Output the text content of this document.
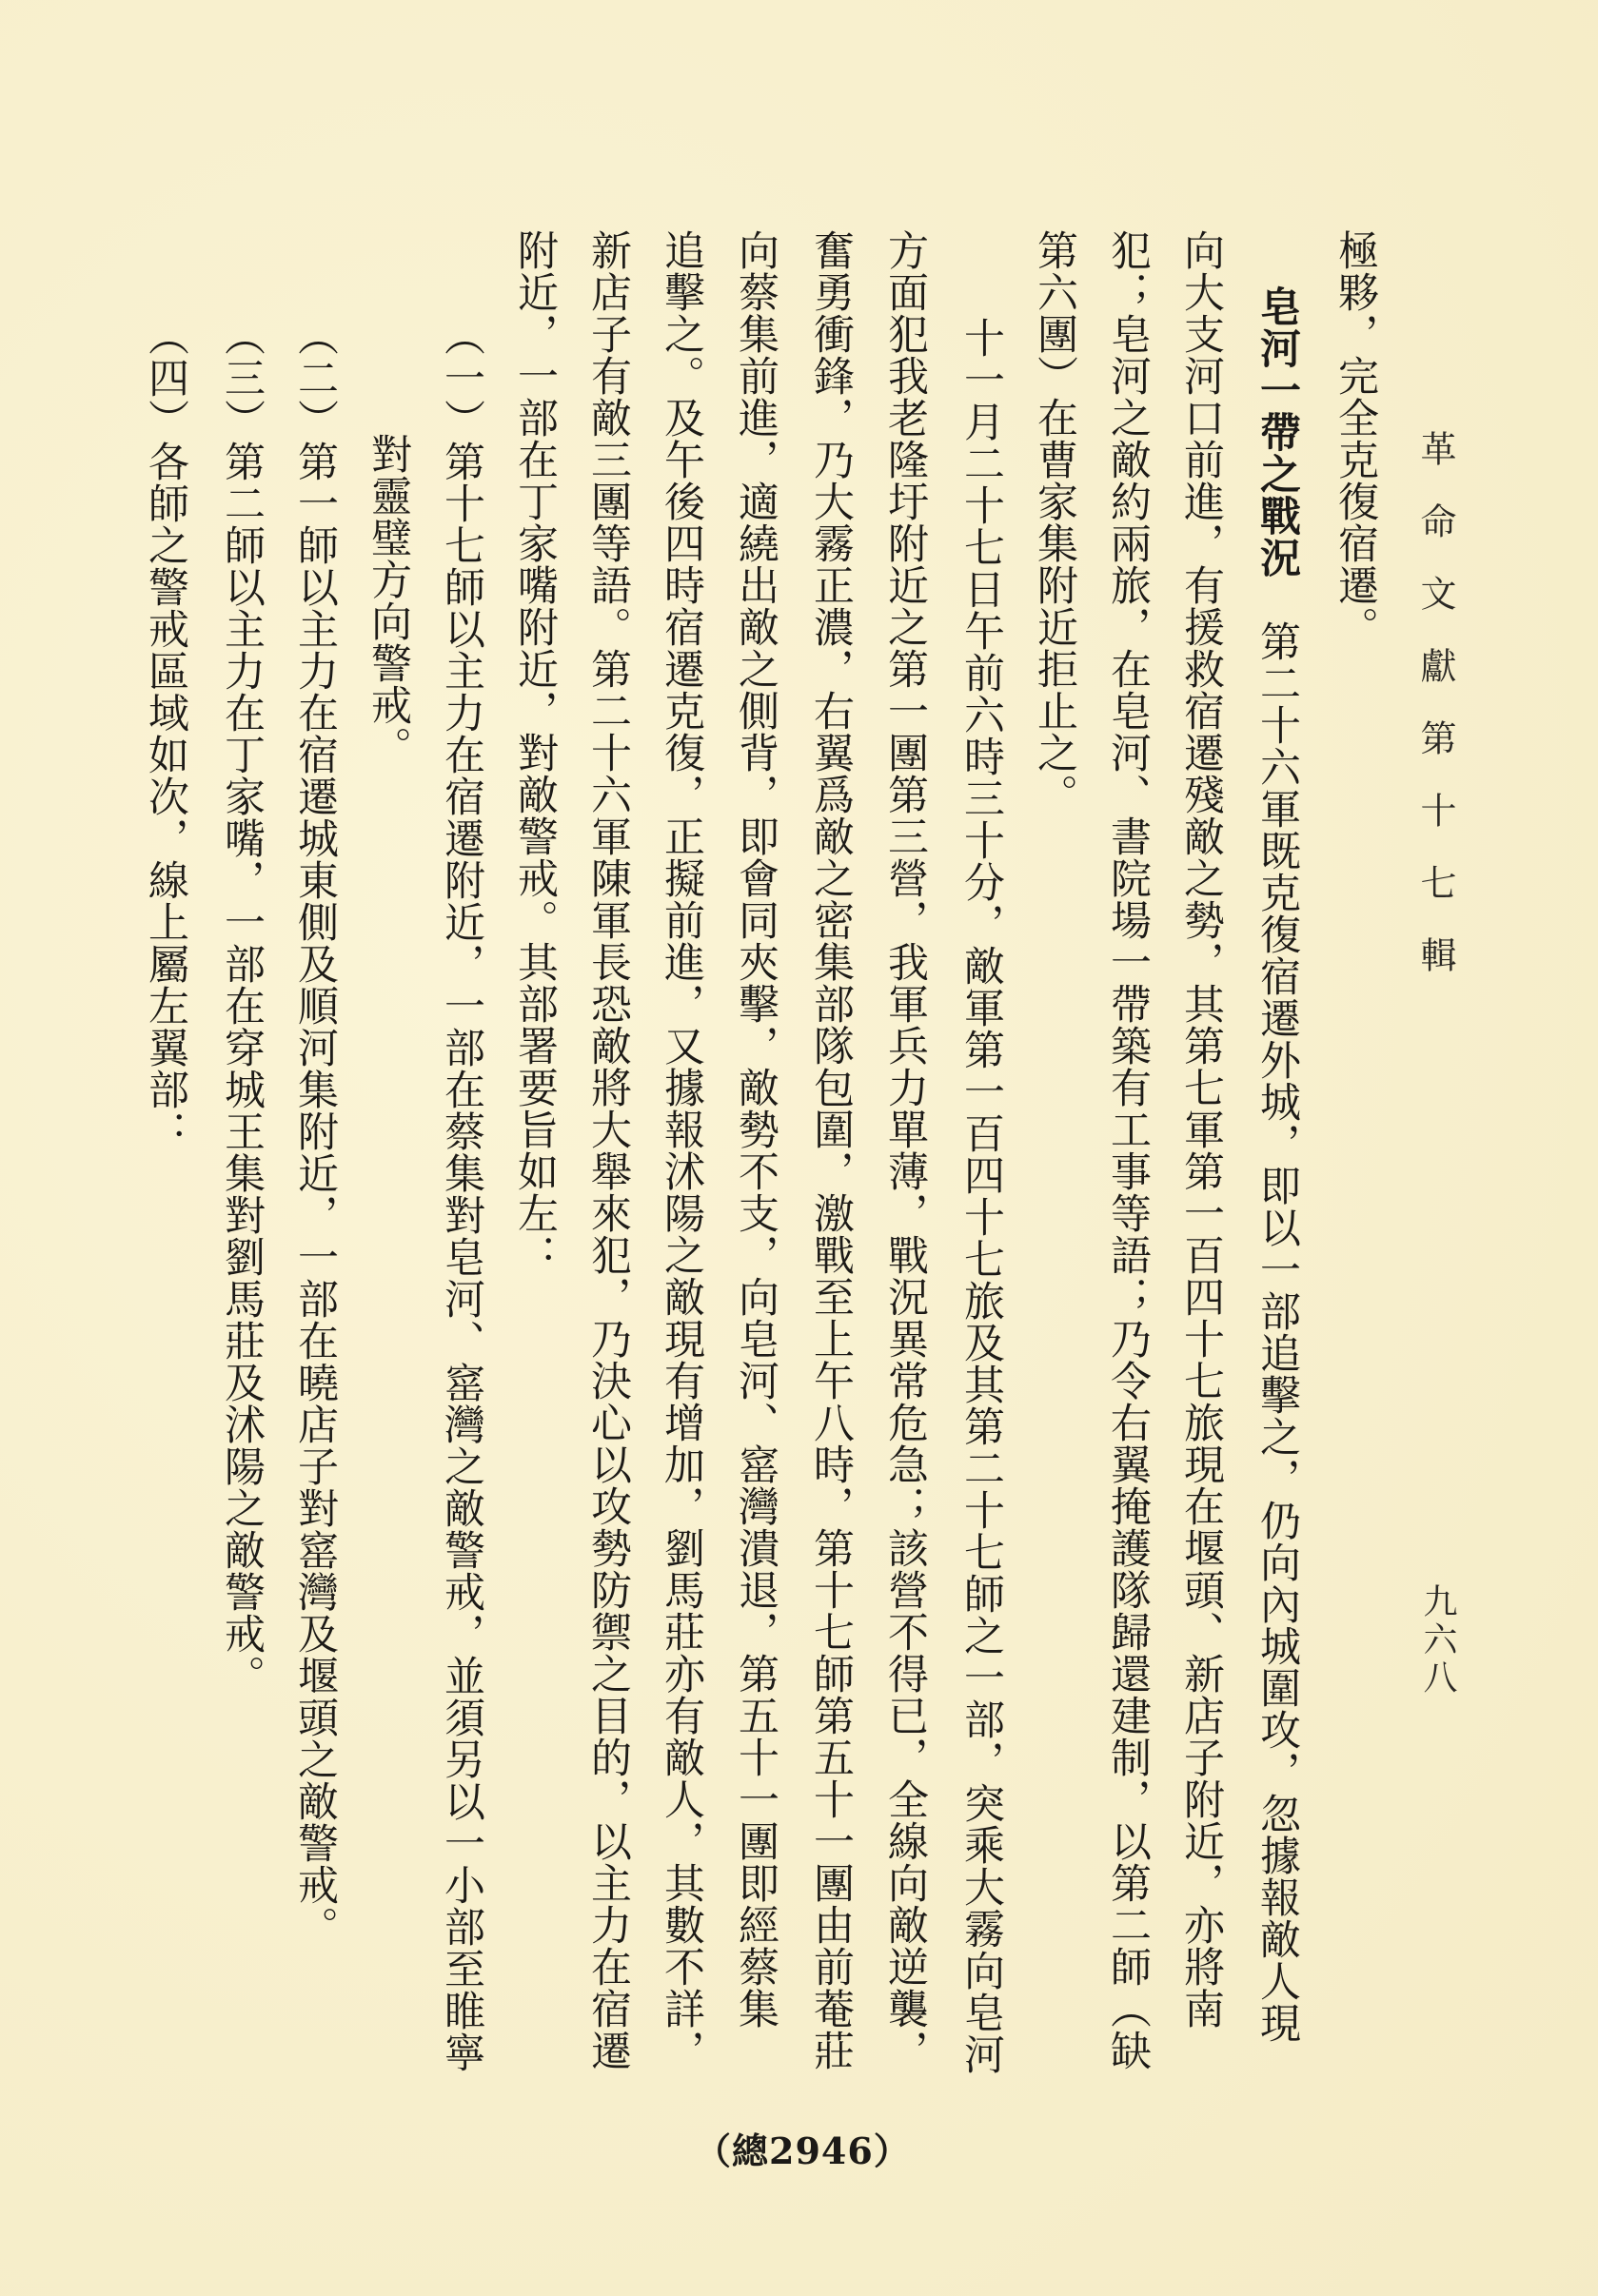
革命文獻第十七輯
九六八
極夥，完全克復宿遷。
皂河一帶之戰況　第二十六軍既克復宿遷外城，即以一部追擊之，仍向內城圍攻，忽據報敵人現
向大支河口前進，有援救宿遷殘敵之勢，其第七軍第一百四十七旅現在堰頭、新店子附近，亦將南
犯；皂河之敵約兩旅，在皂河、書院場一帶築有工事等語；乃令右翼掩護隊歸還建制，以第二師（缺
第六團）在曹家集附近拒止之。
十一月二十七日午前六時三十分，敵軍第一百四十七旅及其第二十七師之一部，突乘大霧向皂河
方面犯我老隆圩附近之第一團第三營，我軍兵力單薄，戰況異常危急；該營不得已，全線向敵逆襲，
奮勇衝鋒，乃大霧正濃，右翼爲敵之密集部隊包圍，激戰至上午八時，第十七師第五十一團由前菴莊
向蔡集前進，適繞出敵之側背，即會同夾擊，敵勢不支，向皂河、窰灣潰退，第五十一團即經蔡集
追擊之。及午後四時宿遷克復，正擬前進，又據報沭陽之敵現有增加，劉馬莊亦有敵人，其數不詳，
新店子有敵三團等語。第二十六軍陳軍長恐敵將大舉來犯，乃決心以攻勢防禦之目的，以主力在宿遷
附近，一部在丁家嘴附近，對敵警戒。其部署要旨如左：
（一）第十七師以主力在宿遷附近，一部在蔡集對皂河、窰灣之敵警戒，並須另以一小部至睢寧
對靈璧方向警戒。
（二）第一師以主力在宿遷城東側及順河集附近，一部在曉店子對窰灣及堰頭之敵警戒。
（三）第二師以主力在丁家嘴，一部在穿城王集對劉馬莊及沭陽之敵警戒。
（四）各師之警戒區域如次，線上屬左翼部：
（總2946）
